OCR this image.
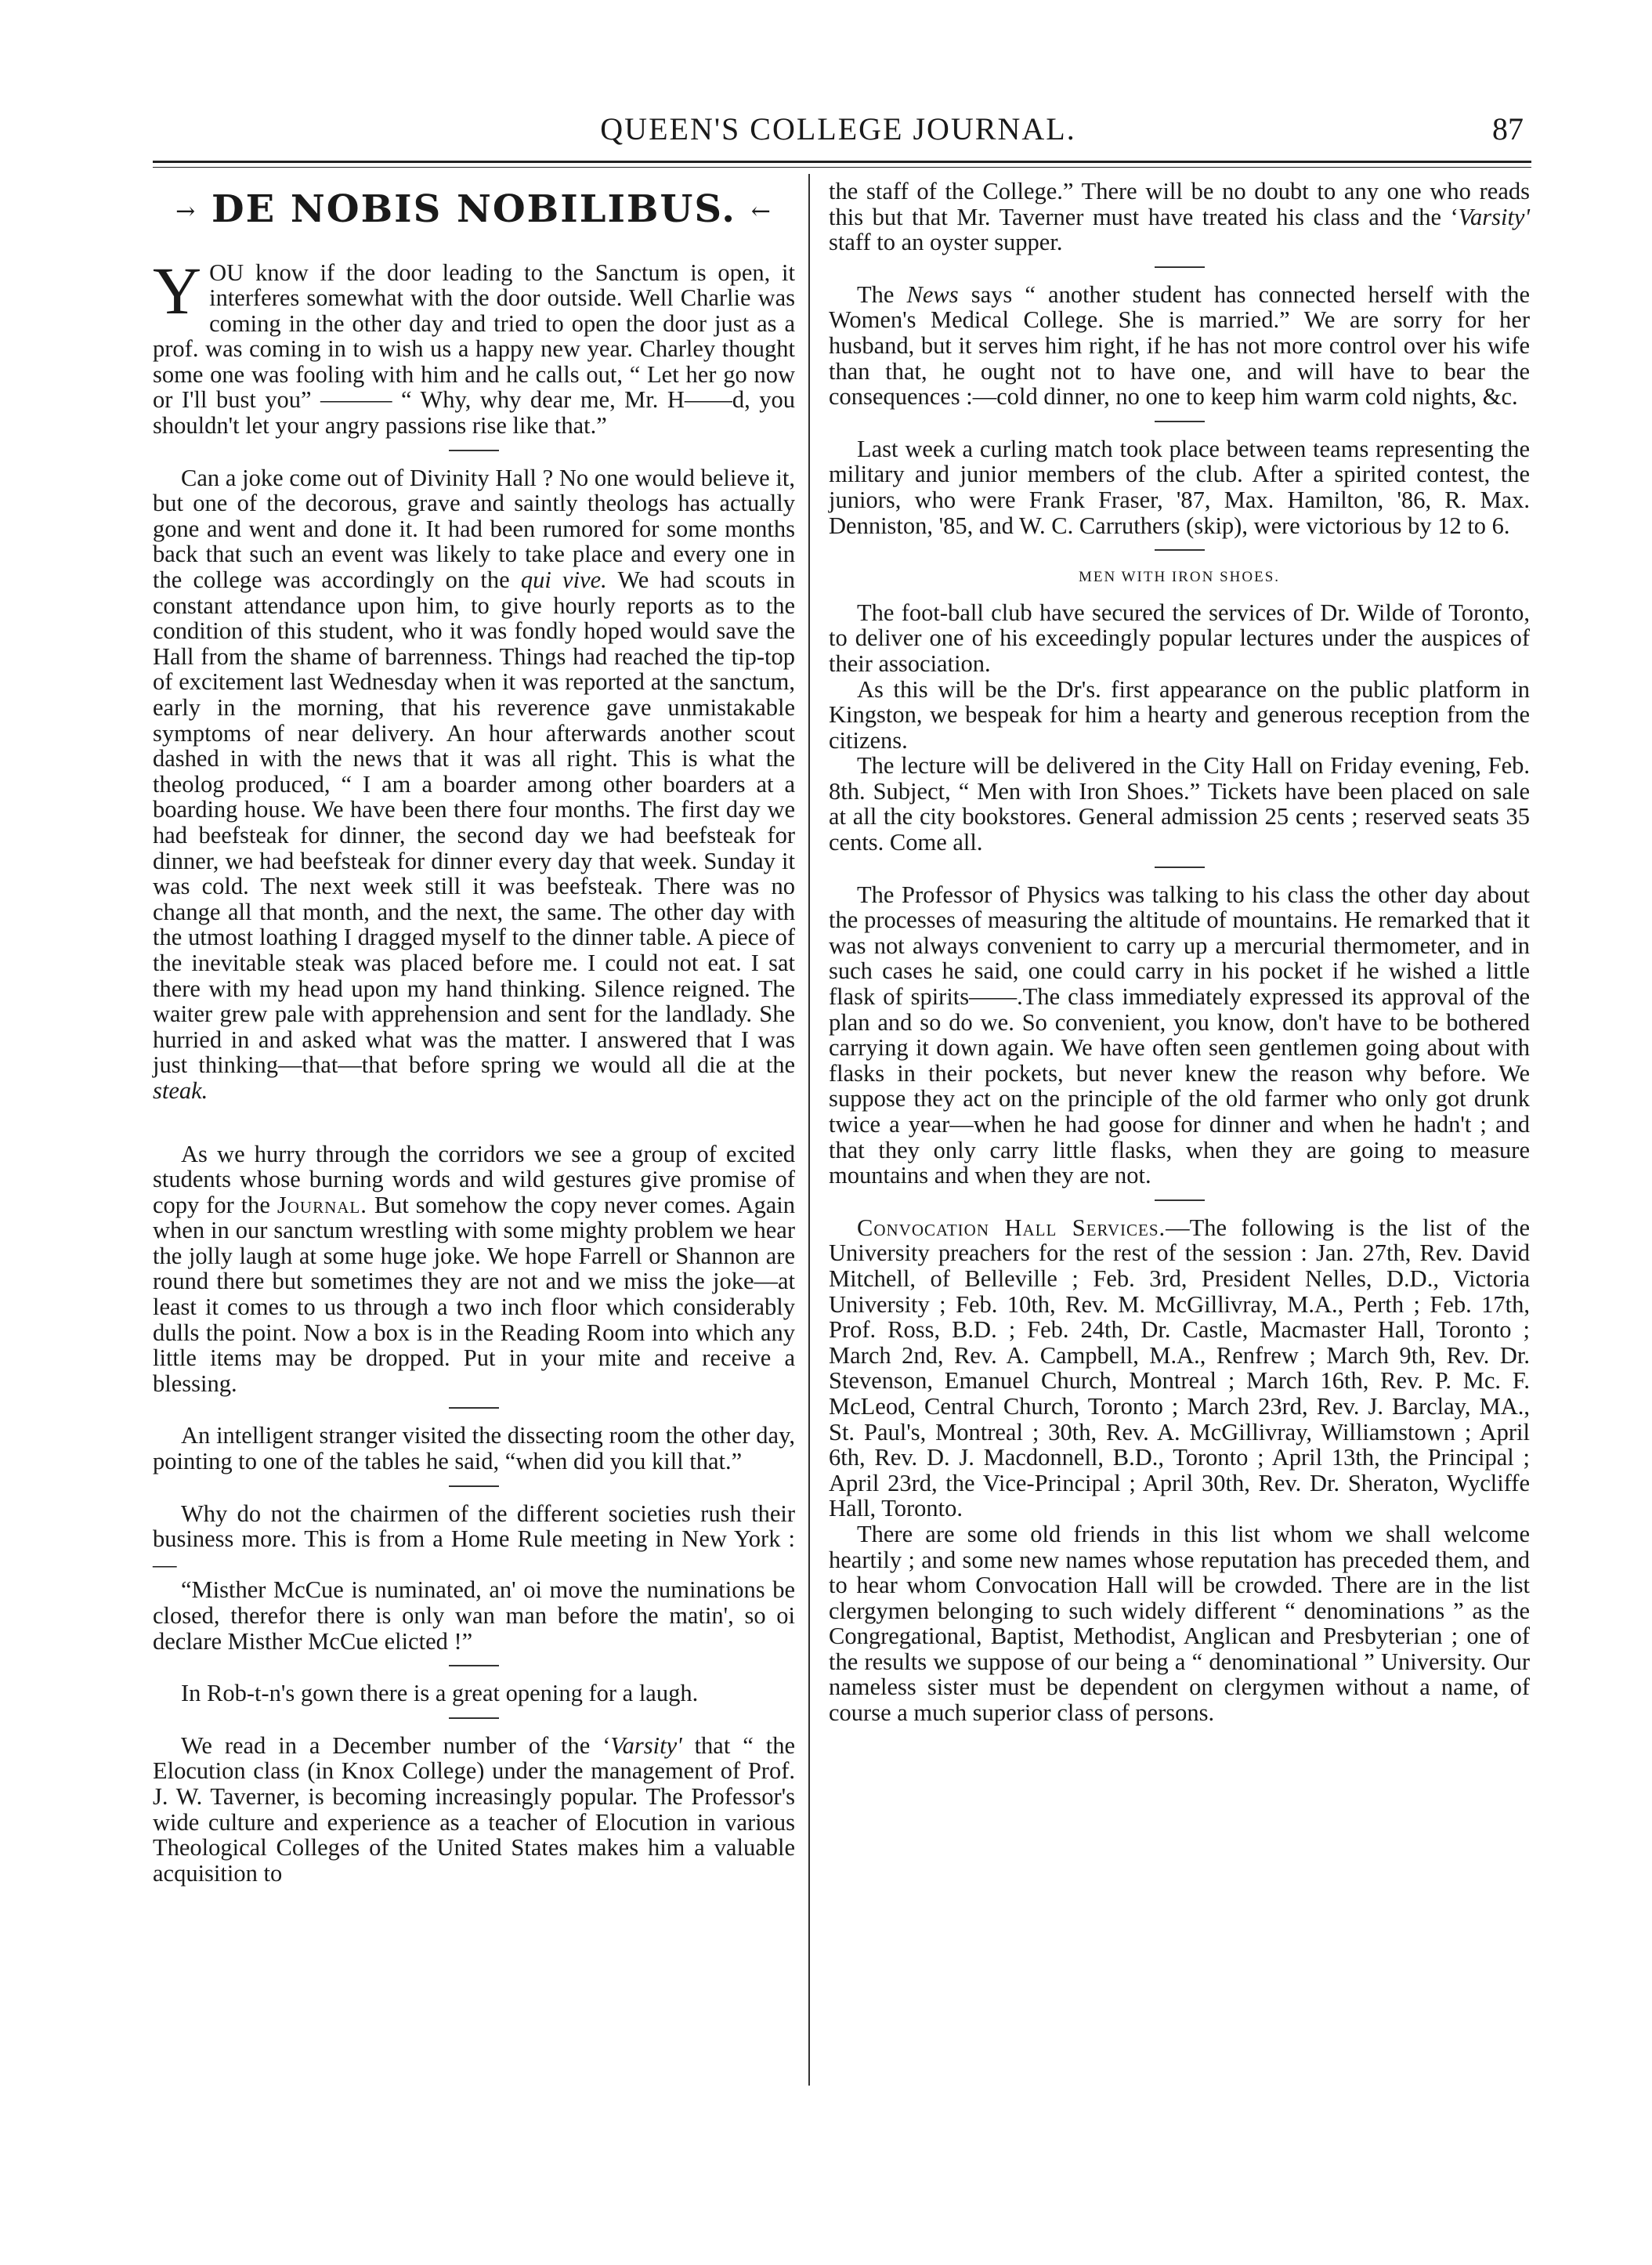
QUEEN'S COLLEGE JOURNAL.	87
→ DE NOBIS NOBILIBUS. ←

YOU know if the door leading to the Sanctum is open, it interferes somewhat with the door outside. Well Charlie was coming in the other day and tried to open the door just as a prof. was coming in to wish us a happy new year. Charley thought some one was fooling with him and he calls out, “ Let her go now or I'll bust you” ——— “ Why, why dear me, Mr. H——d, you shouldn't let your angry passions rise like that.”

Can a joke come out of Divinity Hall ? No one would believe it, but one of the decorous, grave and saintly theologs has actually gone and went and done it. It had been rumored for some months back that such an event was likely to take place and every one in the college was accordingly on the qui vive. We had scouts in constant attendance upon him, to give hourly reports as to the condition of this student, who it was fondly hoped would save the Hall from the shame of barrenness. Things had reached the tip-top of excitement last Wednesday when it was reported at the sanctum, early in the morning, that his reverence gave unmistakable symptoms of near delivery. An hour afterwards another scout dashed in with the news that it was all right. This is what the theolog produced, “ I am a boarder among other boarders at a boarding house. We have been there four months. The first day we had beefsteak for dinner, the second day we had beefsteak for dinner, we had beefsteak for dinner every day that week. Sunday it was cold. The next week still it was beefsteak. There was no change all that month, and the next, the same. The other day with the utmost loathing I dragged myself to the dinner table. A piece of the inevitable steak was placed before me. I could not eat. I sat there with my head upon my hand thinking. Silence reigned. The waiter grew pale with apprehension and sent for the landlady. She hurried in and asked what was the matter. I answered that I was just thinking—that—that before spring we would all die at the steak.

As we hurry through the corridors we see a group of excited students whose burning words and wild gestures give promise of copy for the Journal. But somehow the copy never comes. Again when in our sanctum wrestling with some mighty problem we hear the jolly laugh at some huge joke. We hope Farrell or Shannon are round there but sometimes they are not and we miss the joke—at least it comes to us through a two inch floor which considerably dulls the point. Now a box is in the Reading Room into which any little items may be dropped. Put in your mite and receive a blessing.

An intelligent stranger visited the dissecting room the other day, pointing to one of the tables he said, “when did you kill that.”

Why do not the chairmen of the different societies rush their business more. This is from a Home Rule meeting in New York :—

“Misther McCue is numinated, an' oi move the numinations be closed, therefor there is only wan man before the matin', so oi declare Misther McCue elicted !”

In Rob-t-n's gown there is a great opening for a laugh.

We read in a December number of the ‘Varsity' that “ the Elocution class (in Knox College) under the management of Prof. J. W. Taverner, is becoming increasingly popular. The Professor's wide culture and experience as a teacher of Elocution in various Theological Colleges of the United States makes him a valuable acquisition to

the staff of the College.” There will be no doubt to any one who reads this but that Mr. Taverner must have treated his class and the ‘Varsity' staff to an oyster supper.

The News says “ another student has connected herself with the Women's Medical College. She is married.” We are sorry for her husband, but it serves him right, if he has not more control over his wife than that, he ought not to have one, and will have to bear the consequences :—cold dinner, no one to keep him warm cold nights, &c.

Last week a curling match took place between teams representing the military and junior members of the club. After a spirited contest, the juniors, who were Frank Fraser, '87, Max. Hamilton, '86, R. Max. Denniston, '85, and W. C. Carruthers (skip), were victorious by 12 to 6.

MEN WITH IRON SHOES.

The foot-ball club have secured the services of Dr. Wilde of Toronto, to deliver one of his exceedingly popular lectures under the auspices of their association.

As this will be the Dr's. first appearance on the public platform in Kingston, we bespeak for him a hearty and generous reception from the citizens.

The lecture will be delivered in the City Hall on Friday evening, Feb. 8th. Subject, “ Men with Iron Shoes.” Tickets have been placed on sale at all the city bookstores. General admission 25 cents ; reserved seats 35 cents. Come all.

The Professor of Physics was talking to his class the other day about the processes of measuring the altitude of mountains. He remarked that it was not always convenient to carry up a mercurial thermometer, and in such cases he said, one could carry in his pocket if he wished a little flask of spirits——.The class immediately expressed its approval of the plan and so do we. So convenient, you know, don't have to be bothered carrying it down again. We have often seen gentlemen going about with flasks in their pockets, but never knew the reason why before. We suppose they act on the principle of the old farmer who only got drunk twice a year—when he had goose for dinner and when he hadn't ; and that they only carry little flasks, when they are going to measure mountains and when they are not.

Convocation Hall Services.—The following is the list of the University preachers for the rest of the session : Jan. 27th, Rev. David Mitchell, of Belleville ; Feb. 3rd, President Nelles, D.D., Victoria University ; Feb. 10th, Rev. M. McGillivray, M.A., Perth ; Feb. 17th, Prof. Ross, B.D. ; Feb. 24th, Dr. Castle, Macmaster Hall, Toronto ; March 2nd, Rev. A. Campbell, M.A., Renfrew ; March 9th, Rev. Dr. Stevenson, Emanuel Church, Montreal ; March 16th, Rev. P. Mc. F. McLeod, Central Church, Toronto ; March 23rd, Rev. J. Barclay, MA., St. Paul's, Montreal ; 30th, Rev. A. McGillivray, Williamstown ; April 6th, Rev. D. J. Macdonnell, B.D., Toronto ; April 13th, the Principal ; April 23rd, the Vice-Principal ; April 30th, Rev. Dr. Sheraton, Wycliffe Hall, Toronto.

There are some old friends in this list whom we shall welcome heartily ; and some new names whose reputation has preceded them, and to hear whom Convocation Hall will be crowded. There are in the list clergymen belonging to such widely different “ denominations ” as the Congregational, Baptist, Methodist, Anglican and Presbyterian ; one of the results we suppose of our being a “ denominational ” University. Our nameless sister must be dependent on clergymen without a name, of course a much superior class of persons.
